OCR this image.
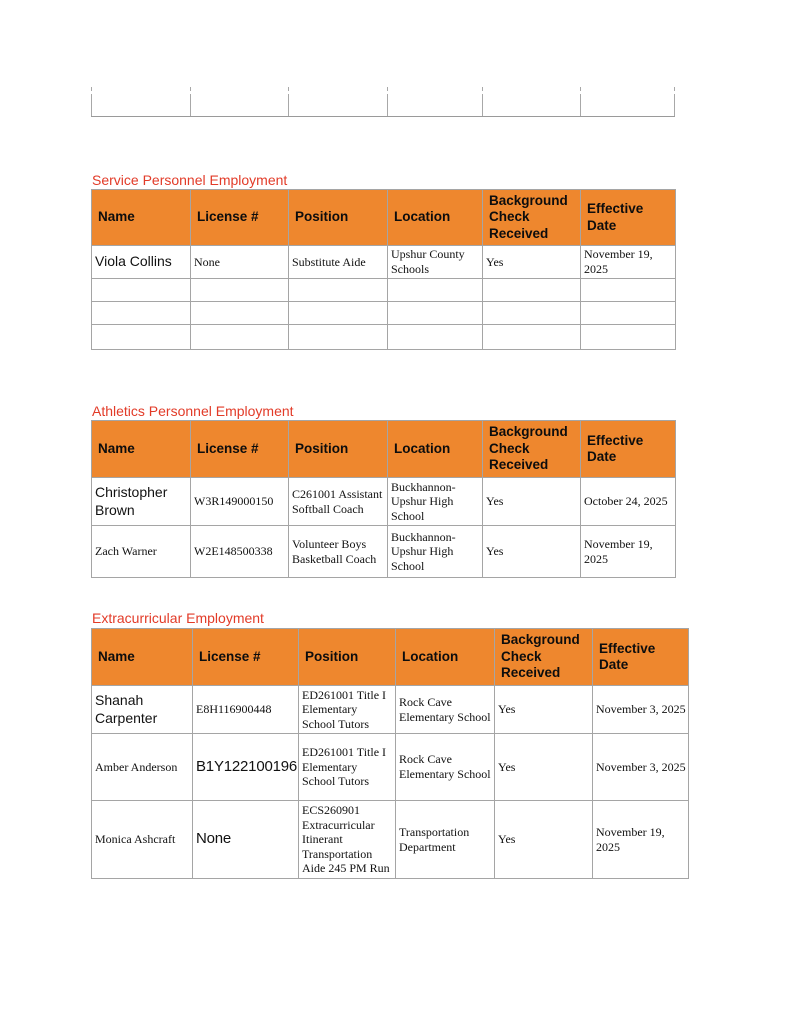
Service Personnel Employment
Name	License #	Position	Location	Background Check Received	Effective Date
Viola Collins	None	Substitute Aide	Upshur County Schools	Yes	November 19, 2025

Athletics Personnel Employment
Name	License #	Position	Location	Background Check Received	Effective Date
Christopher Brown	W3R149000150	C261001 Assistant Softball Coach	Buckhannon-Upshur High School	Yes	October 24, 2025
Zach Warner	W2E148500338	Volunteer Boys Basketball Coach	Buckhannon-Upshur High School	Yes	November 19, 2025
Extracurricular Employment
Name	License #	Position	Location	Background Check Received	Effective Date
Shanah Carpenter	E8H116900448	ED261001 Title I Elementary School Tutors	Rock Cave Elementary School	Yes	November 3, 2025
Amber Anderson	B1Y122100196	ED261001 Title I Elementary School Tutors	Rock Cave Elementary School	Yes	November 3, 2025
Monica Ashcraft	None	ECS260901 Extracurricular Itinerant Transportation Aide 245 PM Run	Transportation Department	Yes	November 19, 2025
